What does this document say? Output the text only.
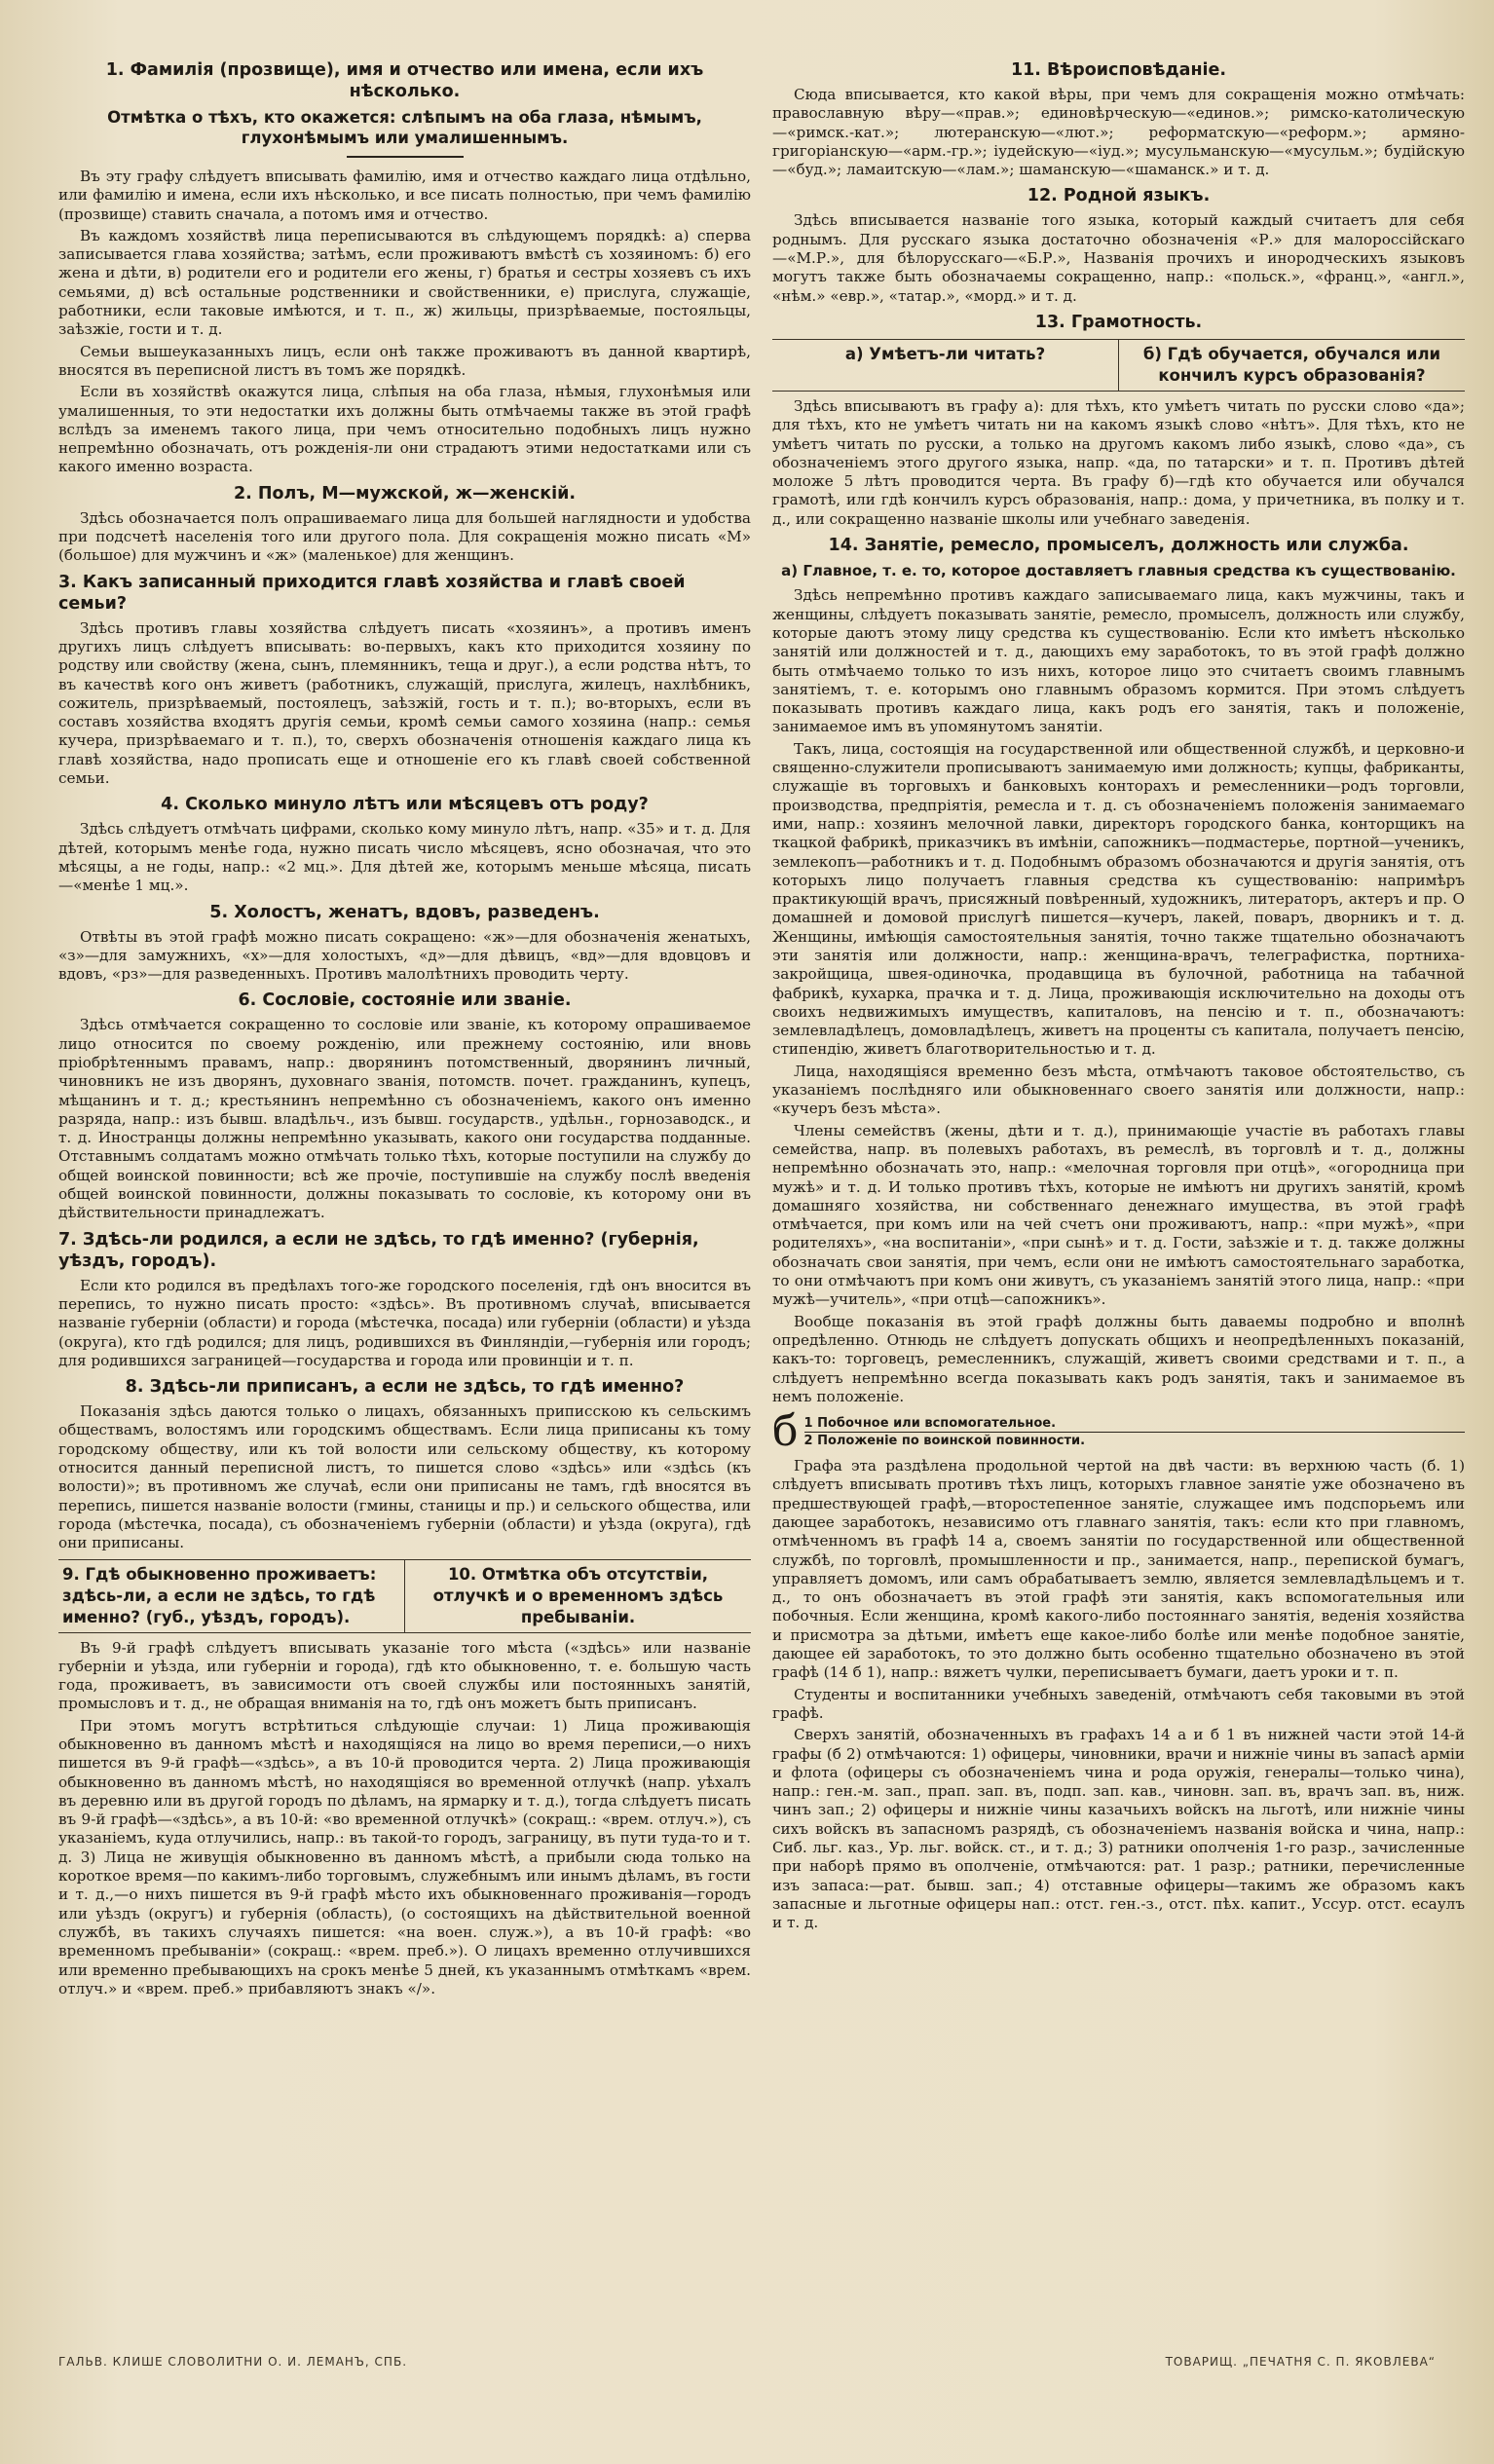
1. Фамилія (прозвище), имя и отчество или имена, если ихъ нѣсколько.
Отмѣтка о тѣхъ, кто окажется: слѣпымъ на оба глаза, нѣмымъ, глухонѣмымъ или умалишеннымъ.

Въ эту графу слѣдуетъ вписывать фамилію, имя и отчество каждаго лица отдѣльно, или фамилію и имена, если ихъ нѣсколько, и все писать полностью, при чемъ фамилію (прозвище) ставить сначала, а потомъ имя и отчество.

Въ каждомъ хозяйствѣ лица переписываются въ слѣдующемъ порядкѣ: а) сперва записывается глава хозяйства; затѣмъ, если проживаютъ вмѣстѣ съ хозяиномъ: б) его жена и дѣти, в) родители его и родители его жены, г) братья и сестры хозяевъ съ ихъ семьями, д) всѣ остальные родственники и свойственники, е) прислуга, служащіе, работники, если таковые имѣются, и т. п., ж) жильцы, призрѣваемые, постояльцы, заѣзжіе, гости и т. д.

Семьи вышеуказанныхъ лицъ, если онѣ также проживаютъ въ данной квартирѣ, вносятся въ переписной листъ въ томъ же порядкѣ.

Если въ хозяйствѣ окажутся лица, слѣпыя на оба глаза, нѣмыя, глухонѣмыя или умалишенныя, то эти недостатки ихъ должны быть отмѣчаемы также въ этой графѣ вслѣдъ за именемъ такого лица, при чемъ относительно подобныхъ лицъ нужно непремѣнно обозначать, отъ рожденія-ли они страдаютъ этими недостатками или съ какого именно возраста.

2. Полъ, М—мужской, ж—женскій.

Здѣсь обозначается полъ опрашиваемаго лица для большей наглядности и удобства при подсчетѣ населенія того или другого пола. Для сокращенія можно писать «М» (большое) для мужчинъ и «ж» (маленькое) для женщинъ.

3. Какъ записанный приходится главѣ хозяйства и главѣ своей семьи?

Здѣсь противъ главы хозяйства слѣдуетъ писать «хозяинъ», а противъ именъ другихъ лицъ слѣдуетъ вписывать: во-первыхъ, какъ кто приходится хозяину по родству или свойству (жена, сынъ, племянникъ, теща и друг.), а если родства нѣтъ, то въ качествѣ кого онъ живетъ (работникъ, служащій, прислуга, жилецъ, нахлѣбникъ, сожитель, призрѣваемый, постоялецъ, заѣзжій, гость и т. п.); во-вторыхъ, если въ составъ хозяйства входятъ другія семьи, кромѣ семьи самого хозяина (напр.: семья кучера, призрѣваемаго и т. п.), то, сверхъ обозначенія отношенія каждаго лица къ главѣ хозяйства, надо прописать еще и отношеніе его къ главѣ своей собственной семьи.

4. Сколько минуло лѣтъ или мѣсяцевъ отъ роду?

Здѣсь слѣдуетъ отмѣчать цифрами, сколько кому минуло лѣтъ, напр. «35» и т. д. Для дѣтей, которымъ менѣе года, нужно писать число мѣсяцевъ, ясно обозначая, что это мѣсяцы, а не годы, напр.: «2 мц.». Для дѣтей же, которымъ меньше мѣсяца, писать—«менѣе 1 мц.».

5. Холостъ, женатъ, вдовъ, разведенъ.

Отвѣты въ этой графѣ можно писать сокращено: «ж»—для обозначенія женатыхъ, «з»—для замужнихъ, «х»—для холостыхъ, «д»—для дѣвицъ, «вд»—для вдовцовъ и вдовъ, «рз»—для разведенныхъ. Противъ малолѣтнихъ проводить черту.

6. Сословіе, состояніе или званіе.

Здѣсь отмѣчается сокращенно то сословіе или званіе, къ которому опрашиваемое лицо относится по своему рожденію, или прежнему состоянію, или вновь пріобрѣтеннымъ правамъ, напр.: дворянинъ потомственный, дворянинъ личный, чиновникъ не изъ дворянъ, духовнаго званія, потомств. почет. гражданинъ, купецъ, мѣщанинъ и т. д.; крестьянинъ непремѣнно съ обозначеніемъ, какого онъ именно разряда, напр.: изъ бывш. владѣльч., изъ бывш. государств., удѣльн., горнозаводск., и т. д. Иностранцы должны непремѣнно указывать, какого они государства подданные. Отставнымъ солдатамъ можно отмѣчать только тѣхъ, которые поступили на службу до общей воинской повинности; всѣ же прочіе, поступившіе на службу послѣ введенія общей воинской повинности, должны показывать то сословіе, къ которому они въ дѣйствительности принадлежатъ.

7. Здѣсь-ли родился, а если не здѣсь, то гдѣ именно? (губернія, уѣздъ, городъ).

Если кто родился въ предѣлахъ того-же городского поселенія, гдѣ онъ вносится въ перепись, то нужно писать просто: «здѣсь». Въ противномъ случаѣ, вписывается названіе губерніи (области) и города (мѣстечка, посада) или губерніи (области) и уѣзда (округа), кто гдѣ родился; для лицъ, родившихся въ Финляндіи,—губернія или городъ; для родившихся заграницей—государства и города или провинціи и т. п.

8. Здѣсь-ли приписанъ, а если не здѣсь, то гдѣ именно?

Показанія здѣсь даются только о лицахъ, обязанныхъ приписскою къ сельскимъ обществамъ, волостямъ или городскимъ обществамъ. Если лица приписаны къ тому городскому обществу, или къ той волости или сельскому обществу, къ которому относится данный переписной листъ, то пишется слово «здѣсь» или «здѣсь (къ волости)»; въ противномъ же случаѣ, если они приписаны не тамъ, гдѣ вносятся въ перепись, пишется названіе волости (гмины, станицы и пр.) и сельского общества, или города (мѣстечка, посада), съ обозначеніемъ губерніи (области) и уѣзда (округа), гдѣ они приписаны.

9. Гдѣ обыкновенно проживаетъ: здѣсь-ли, а если не здѣсь, то гдѣ именно? (губ., уѣздъ, городъ).
10. Отмѣтка объ отсутствіи, отлучкѣ и о временномъ здѣсь пребываніи.

Въ 9-й графѣ слѣдуетъ вписывать указаніе того мѣста («здѣсь» или названіе губерніи и уѣзда, или губерніи и города), гдѣ кто обыкновенно, т. е. большую часть года, проживаетъ, въ зависимости отъ своей службы или постоянныхъ занятій, промысловъ и т. д., не обращая вниманія на то, гдѣ онъ можетъ быть приписанъ.

При этомъ могутъ встрѣтиться слѣдующіе случаи: 1) Лица проживающія обыкновенно въ данномъ мѣстѣ и находящіяся на лицо во время переписи,—о нихъ пишется въ 9-й графѣ—«здѣсь», а въ 10-й проводится черта. 2) Лица проживающія обыкновенно въ данномъ мѣстѣ, но находящіяся во временной отлучкѣ (напр. уѣхалъ въ деревню или въ другой городъ по дѣламъ, на ярмарку и т. д.), тогда слѣдуетъ писать въ 9-й графѣ—«здѣсь», а въ 10-й: «во временной отлучкѣ» (сокращ.: «врем. отлуч.»), съ указаніемъ, куда отлучились, напр.: въ такой-то городъ, заграницу, въ пути туда-то и т. д. 3) Лица не живущія обыкновенно въ данномъ мѣстѣ, а прибыли сюда только на короткое время—по какимъ-либо торговымъ, служебнымъ или инымъ дѣламъ, въ гости и т. д.,—о нихъ пишется въ 9-й графѣ мѣсто ихъ обыкновеннаго проживанія—городъ или уѣздъ (округъ) и губернія (область), (о состоящихъ на дѣйствительной военной службѣ, въ такихъ случаяхъ пишется: «на воен. служ.»), а въ 10-й графѣ: «во временномъ пребываніи» (сокращ.: «врем. преб.»). О лицахъ временно отлучившихся или временно пребывающихъ на срокъ менѣе 5 дней, къ указаннымъ отмѣткамъ «врем. отлуч.» и «врем. преб.» прибавляютъ знакъ «/».

11. Вѣроисповѣданіе.

Сюда вписывается, кто какой вѣры, при чемъ для сокращенія можно отмѣчать: православную вѣру—«прав.»; единовѣрческую—«единов.»; римско-католическую—«римск.-кат.»; лютеранскую—«лют.»; реформатскую—«реформ.»; армяно-григоріанскую—«арм.-гр.»; іудейскую—«іуд.»; мусульманскую—«мусульм.»; будійскую—«буд.»; ламаитскую—«лам.»; шаманскую—«шаманск.» и т. д.

12. Родной языкъ.

Здѣсь вписывается названіе того языка, который каждый считаетъ для себя роднымъ. Для русскаго языка достаточно обозначенія «Р.» для малороссійскаго—«М.Р.», для бѣлорусскаго—«Б.Р.», Названія прочихъ и инородческихъ языковъ могутъ также быть обозначаемы сокращенно, напр.: «польск.», «франц.», «англ.», «нѣм.» «евр.», «татар.», «морд.» и т. д.

13. Грамотность.
а) Умѣетъ-ли читать?	б) Гдѣ обучается, обучался или кончилъ курсъ образованія?

Здѣсь вписываютъ въ графу а): для тѣхъ, кто умѣетъ читать по русски слово «да»; для тѣхъ, кто не умѣетъ читать ни на какомъ языкѣ слово «нѣтъ». Для тѣхъ, кто не умѣетъ читать по русски, а только на другомъ какомъ либо языкѣ, слово «да», съ обозначеніемъ этого другого языка, напр. «да, по татарски» и т. п. Противъ дѣтей моложе 5 лѣтъ проводится черта. Въ графу б)—гдѣ кто обучается или обучался грамотѣ, или гдѣ кончилъ курсъ образованія, напр.: дома, у причетника, въ полку и т. д., или сокращенно названіе школы или учебнаго заведенія.

14. Занятіе, ремесло, промыселъ, должность или служба.
а) Главное, т. е. то, которое доставляетъ главныя средства къ существованію.

Здѣсь непремѣнно противъ каждаго записываемаго лица, какъ мужчины, такъ и женщины, слѣдуетъ показывать занятіе, ремесло, промыселъ, должность или службу, которые даютъ этому лицу средства къ существованію. Если кто имѣетъ нѣсколько занятій или должностей и т. д., дающихъ ему заработокъ, то въ этой графѣ должно быть отмѣчаемо только то изъ нихъ, которое лицо это считаетъ своимъ главнымъ занятіемъ, т. е. которымъ оно главнымъ образомъ кормится. При этомъ слѣдуетъ показывать противъ каждаго лица, какъ родъ его занятія, такъ и положеніе, занимаемое имъ въ упомянутомъ занятіи.

Такъ, лица, состоящія на государственной или общественной службѣ, и церковно-и священно-служители прописываютъ занимаемую ими должность; купцы, фабриканты, служащіе въ торговыхъ и банковыхъ конторахъ и ремесленники—родъ торговли, производства, предпріятія, ремесла и т. д. съ обозначеніемъ положенія занимаемаго ими, напр.: хозяинъ мелочной лавки, директоръ городского банка, конторщикъ на ткацкой фабрикѣ, приказчикъ въ имѣніи, сапожникъ—подмастерье, портной—ученикъ, землекопъ—работникъ и т. д. Подобнымъ образомъ обозначаются и другія занятія, отъ которыхъ лицо получаетъ главныя средства къ существованію: напримѣръ практикующій врачъ, присяжный повѣренный, художникъ, литераторъ, актеръ и пр. О домашней и домовой прислугѣ пишется—кучеръ, лакей, поваръ, дворникъ и т. д. Женщины, имѣющія самостоятельныя занятія, точно также тщательно обозначаютъ эти занятія или должности, напр.: женщина-врачъ, телеграфистка, портниха-закройщица, швея-одиночка, продавщица въ булочной, работница на табачной фабрикѣ, кухарка, прачка и т. д. Лица, проживающія исключительно на доходы отъ своихъ недвижимыхъ имуществъ, капиталовъ, на пенсію и т. п., обозначаютъ: землевладѣлецъ, домовладѣлецъ, живетъ на проценты съ капитала, получаетъ пенсію, стипендію, живетъ благотворительностью и т. д.

Лица, находящіяся временно безъ мѣста, отмѣчаютъ таковое обстоятельство, съ указаніемъ послѣдняго или обыкновеннаго своего занятія или должности, напр.: «кучеръ безъ мѣста».

Члены семействъ (жены, дѣти и т. д.), принимающіе участіе въ работахъ главы семейства, напр. въ полевыхъ работахъ, въ ремеслѣ, въ торговлѣ и т. д., должны непремѣнно обозначать это, напр.: «мелочная торговля при отцѣ», «огородница при мужѣ» и т. д. И только противъ тѣхъ, которые не имѣютъ ни другихъ занятій, кромѣ домашняго хозяйства, ни собственнаго денежнаго имущества, въ этой графѣ отмѣчается, при комъ или на чей счетъ они проживаютъ, напр.: «при мужѣ», «при родителяхъ», «на воспитаніи», «при сынѣ» и т. д. Гости, заѣзжіе и т. д. также должны обозначать свои занятія, при чемъ, если они не имѣютъ самостоятельнаго заработка, то они отмѣчаютъ при комъ они живутъ, съ указаніемъ занятій этого лица, напр.: «при мужѣ—учитель», «при отцѣ—сапожникъ».

Вообще показанія въ этой графѣ должны быть даваемы подробно и вполнѣ опредѣленно. Отнюдь не слѣдуетъ допускать общихъ и неопредѣленныхъ показаній, какъ-то: торговецъ, ремесленникъ, служащій, живетъ своими средствами и т. п., а слѣдуетъ непремѣнно всегда показывать какъ родъ занятія, такъ и занимаемое въ немъ положеніе.

б 1 Побочное или вспомогательное.
2 Положеніе по воинской повинности.

Графа эта раздѣлена продольной чертой на двѣ части: въ верхнюю часть (б. 1) слѣдуетъ вписывать противъ тѣхъ лицъ, которыхъ главное занятіе уже обозначено въ предшествующей графѣ,—второстепенное занятіе, служащее имъ подспорьемъ или дающее заработокъ, независимо отъ главнаго занятія, такъ: если кто при главномъ, отмѣченномъ въ графѣ 14 а, своемъ занятіи по государственной или общественной службѣ, по торговлѣ, промышленности и пр., занимается, напр., перепиской бумагъ, управляетъ домомъ, или самъ обрабатываетъ землю, является землевладѣльцемъ и т. д., то онъ обозначаетъ въ этой графѣ эти занятія, какъ вспомогательныя или побочныя. Если женщина, кромѣ какого-либо постояннаго занятія, веденія хозяйства и присмотра за дѣтьми, имѣетъ еще какое-либо болѣе или менѣе подобное занятіе, дающее ей заработокъ, то это должно быть особенно тщательно обозначено въ этой графѣ (14 б 1), напр.: вяжетъ чулки, переписываетъ бумаги, даетъ уроки и т. п.

Студенты и воспитанники учебныхъ заведеній, отмѣчаютъ себя таковыми въ этой графѣ.

Сверхъ занятій, обозначенныхъ въ графахъ 14 а и б 1 въ нижней части этой 14-й графы (б 2) отмѣчаются: 1) офицеры, чиновники, врачи и нижніе чины въ запасѣ арміи и флота (офицеры съ обозначеніемъ чина и рода оружія, генералы—только чина), напр.: ген.-м. зап., прап. зап. въ, подп. зап. кав., чиновн. зап. въ, врачъ зап. въ, ниж. чинъ зап.; 2) офицеры и нижніе чины казачьихъ войскъ на льготѣ, или нижніе чины сихъ войскъ въ запасномъ разрядѣ, съ обозначеніемъ названія войска и чина, напр.: Сиб. льг. каз., Ур. льг. войск. ст., и т. д.; 3) ратники ополченія 1-го разр., зачисленные при наборѣ прямо въ ополченіе, отмѣчаются: рат. 1 разр.; ратники, перечисленные изъ запаса:—рат. бывш. зап.; 4) отставные офицеры—такимъ же образомъ какъ запасные и льготные офицеры нап.: отст. ген.-з., отст. пѣх. капит., Уссур. отст. есаулъ и т. д.

ГАЛЬВ. КЛИШЕ СЛОВОЛИТНИ О. И. ЛЕМАНЪ, СПБ.	ТОВАРИЩ. „ПЕЧАТНЯ С. П. ЯКОВЛЕВА“
